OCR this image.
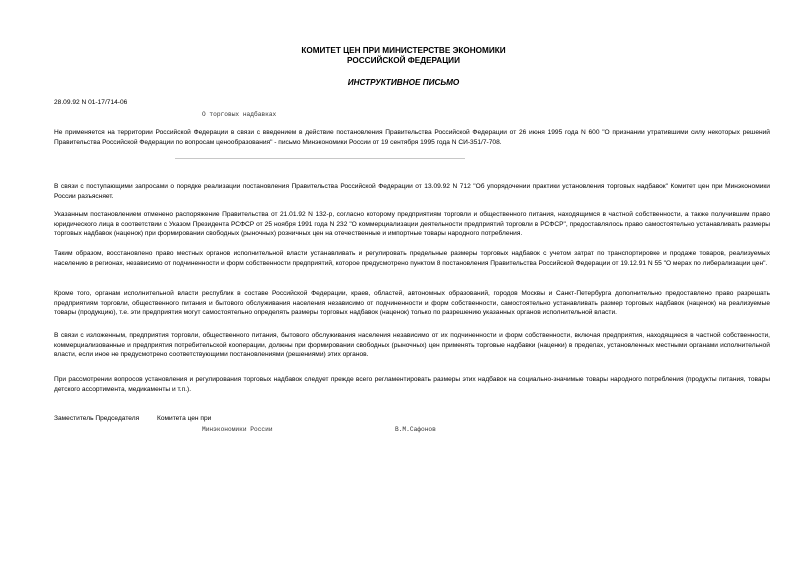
КОМИТЕТ ЦЕН ПРИ МИНИСТЕРСТВЕ ЭКОНОМИКИ
РОССИЙСКОЙ ФЕДЕРАЦИИ
ИНСТРУКТИВНОЕ ПИСЬМО
28.09.92 N 01-17/714-06
О торговых надбавках
Не применяется на территории Российской Федерации в связи с введением в действие постановления Правительства Российской Федерации от 26 июня 1995 года N 600 "О признании утратившими силу некоторых решений Правительства Российской Федерации по вопросам ценообразования" - письмо Минэкономики России от 19 сентября 1995 года N СИ-351/7-708.
В связи с поступающими запросами о порядке реализации постановления Правительства Российской Федерации от 13.09.92 N 712 "Об упорядочении практики установления торговых надбавок" Комитет цен при Минэкономики России разъясняет.
Указанным постановлением отменено распоряжение Правительства от 21.01.92 N 132-р, согласно которому предприятиям торговли и общественного питания, находящимся в частной собственности, а также получившим право юридического лица в соответствии с Указом Президента РСФСР от 25 ноября 1991 года N 232 "О коммерциализации деятельности предприятий торговли в РСФСР", предоставлялось право самостоятельно устанавливать размеры торговых надбавок (наценок) при формировании свободных (рыночных) розничных цен на отечественные и импортные товары народного потребления.
Таким образом, восстановлено право местных органов исполнительной власти устанавливать и регулировать предельные размеры торговых надбавок с учетом затрат по транспортировке и продаже товаров, реализуемых населению в регионах, независимо от подчиненности и форм собственности предприятий, которое предусмотрено пунктом 8 постановления Правительства Российской Федерации от 19.12.91 N 55 "О мерах по либерализации цен".
Кроме того, органам исполнительной власти республик в составе Российской Федерации, краев, областей, автономных образований, городов Москвы и Санкт-Петербурга дополнительно предоставлено право разрешать предприятиям торговли, общественного питания и бытового обслуживания населения независимо от подчиненности и форм собственности, самостоятельно устанавливать размер торговых надбавок (наценок) на реализуемые товары (продукцию), т.е. эти предприятия могут самостоятельно определять размеры торговых надбавок (наценок) только по разрешению указанных органов исполнительной власти.
В связи с изложенным, предприятия торговли, общественного питания, бытового обслуживания населения независимо от их подчиненности и форм собственности, включая предприятия, находящиеся в частной собственности, коммерциализованные и предприятия потребительской кооперации, должны при формировании свободных (рыночных) цен применять торговые надбавки (наценки) в пределах, установленных местными органами исполнительной власти, если иное не предусмотрено соответствующими постановлениями (решениями) этих органов.
При рассмотрении вопросов установления и регулирования торговых надбавок следует прежде всего регламентировать размеры этих надбавок на социально-значимые товары народного потребления (продукты питания, товары детского ассортимента, медикаменты и т.п.).
Заместитель Председателя	Комитета цен при
Минэкономики России	В.М.Сафонов
